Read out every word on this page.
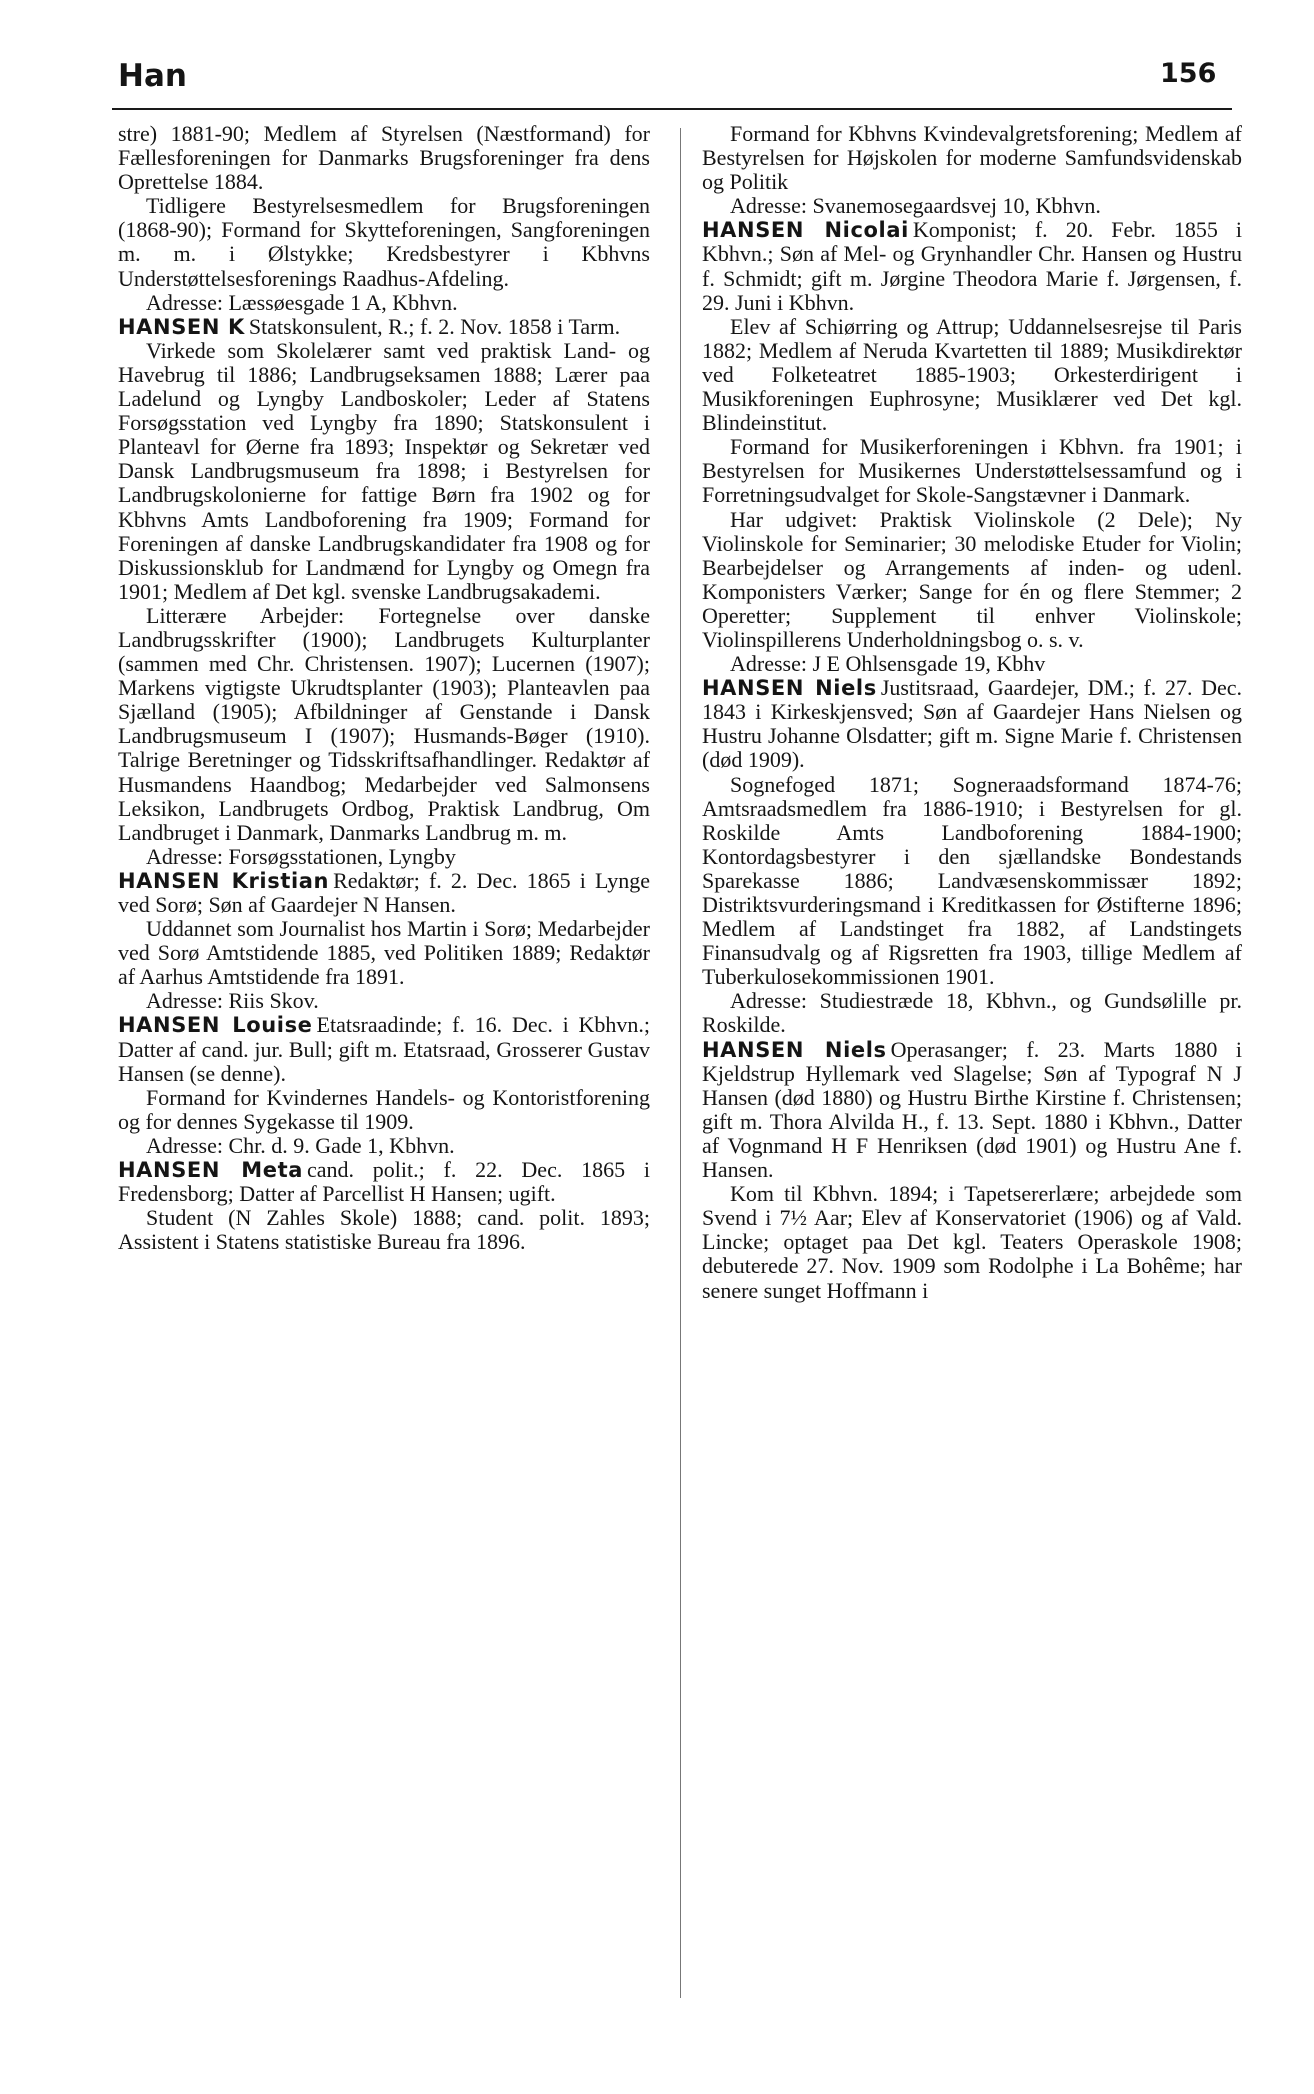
Han	156

stre) 1881-90; Medlem af Styrelsen (Næstformand) for Fællesforeningen for Danmarks Brugsforeninger fra dens Oprettelse 1884.

Tidligere Bestyrelsesmedlem for Brugsforeningen (1868-90); Formand for Skytteforeningen, Sangforeningen m. m. i Ølstykke; Kredsbestyrer i Kbhvns Understøttelsesforenings Raadhus-Afdeling.

Adresse: Læssøesgade 1 A, Kbhvn.

HANSEN K Statskonsulent, R.; f. 2. Nov. 1858 i Tarm.

Virkede som Skolelærer samt ved praktisk Land- og Havebrug til 1886; Landbrugseksamen 1888; Lærer paa Ladelund og Lyngby Landboskoler; Leder af Statens Forsøgsstation ved Lyngby fra 1890; Statskonsulent i Planteavl for Øerne fra 1893; Inspektør og Sekretær ved Dansk Landbrugsmuseum fra 1898; i Bestyrelsen for Landbrugskolonierne for fattige Børn fra 1902 og for Kbhvns Amts Landboforening fra 1909; Formand for Foreningen af danske Landbrugskandidater fra 1908 og for Diskussionsklub for Landmænd for Lyngby og Omegn fra 1901; Medlem af Det kgl. svenske Landbrugsakademi.

Litterære Arbejder: Fortegnelse over danske Landbrugsskrifter (1900); Landbrugets Kulturplanter (sammen med Chr. Christensen. 1907); Lucernen (1907); Markens vigtigste Ukrudtsplanter (1903); Planteavlen paa Sjælland (1905); Afbildninger af Genstande i Dansk Landbrugsmuseum I (1907); Husmands-Bøger (1910). Talrige Beretninger og Tidsskriftsafhandlinger. Redaktør af Husmandens Haandbog; Medarbejder ved Salmonsens Leksikon, Landbrugets Ordbog, Praktisk Landbrug, Om Landbruget i Danmark, Danmarks Landbrug m. m.

Adresse: Forsøgsstationen, Lyngby

HANSEN Kristian Redaktør; f. 2. Dec. 1865 i Lynge ved Sorø; Søn af Gaardejer N Hansen.

Uddannet som Journalist hos Martin i Sorø; Medarbejder ved Sorø Amtstidende 1885, ved Politiken 1889; Redaktør af Aarhus Amtstidende fra 1891.

Adresse: Riis Skov.

HANSEN Louise Etatsraadinde; f. 16. Dec. i Kbhvn.; Datter af cand. jur. Bull; gift m. Etatsraad, Grosserer Gustav Hansen (se denne).

Formand for Kvindernes Handels- og Kontoristforening og for dennes Sygekasse til 1909.

Adresse: Chr. d. 9. Gade 1, Kbhvn.

HANSEN Meta cand. polit.; f. 22. Dec. 1865 i Fredensborg; Datter af Parcellist H Hansen; ugift.

Student (N Zahles Skole) 1888; cand. polit. 1893; Assistent i Statens statistiske Bureau fra 1896.

Formand for Kbhvns Kvindevalgretsforening; Medlem af Bestyrelsen for Højskolen for moderne Samfundsvidenskab og Politik

Adresse: Svanemosegaardsvej 10, Kbhvn.

HANSEN Nicolai Komponist; f. 20. Febr. 1855 i Kbhvn.; Søn af Mel- og Grynhandler Chr. Hansen og Hustru f. Schmidt; gift m. Jørgine Theodora Marie f. Jørgensen, f. 29. Juni i Kbhvn.

Elev af Schiørring og Attrup; Uddannelsesrejse til Paris 1882; Medlem af Neruda Kvartetten til 1889; Musikdirektør ved Folketeatret 1885-1903; Orkesterdirigent i Musikforeningen Euphrosyne; Musiklærer ved Det kgl. Blindeinstitut.

Formand for Musikerforeningen i Kbhvn. fra 1901; i Bestyrelsen for Musikernes Understøttelsessamfund og i Forretningsudvalget for Skole-Sangstævner i Danmark.

Har udgivet: Praktisk Violinskole (2 Dele); Ny Violinskole for Seminarier; 30 melodiske Etuder for Violin; Bearbejdelser og Arrangements af inden- og udenl. Komponisters Værker; Sange for én og flere Stemmer; 2 Operetter; Supplement til enhver Violinskole; Violinspillerens Underholdningsbog o. s. v.

Adresse: J E Ohlsensgade 19, Kbhv

HANSEN Niels Justitsraad, Gaardejer, DM.; f. 27. Dec. 1843 i Kirkeskjensved; Søn af Gaardejer Hans Nielsen og Hustru Johanne Olsdatter; gift m. Signe Marie f. Christensen (død 1909).

Sognefoged 1871; Sogneraadsformand 1874-76; Amtsraadsmedlem fra 1886-1910; i Bestyrelsen for gl. Roskilde Amts Landboforening 1884-1900; Kontordagsbestyrer i den sjællandske Bondestands Sparekasse 1886; Landvæsenskommissær 1892; Distriktsvurderingsmand i Kreditkassen for Østifterne 1896; Medlem af Landstinget fra 1882, af Landstingets Finansudvalg og af Rigsretten fra 1903, tillige Medlem af Tuberkulosekommissionen 1901.

Adresse: Studiestræde 18, Kbhvn., og Gundsølille pr. Roskilde.

HANSEN Niels Operasanger; f. 23. Marts 1880 i Kjeldstrup Hyllemark ved Slagelse; Søn af Typograf N J Hansen (død 1880) og Hustru Birthe Kirstine f. Christensen; gift m. Thora Alvilda H., f. 13. Sept. 1880 i Kbhvn., Datter af Vognmand H F Henriksen (død 1901) og Hustru Ane f. Hansen.

Kom til Kbhvn. 1894; i Tapetsererlære; arbejdede som Svend i 7½ Aar; Elev af Konservatoriet (1906) og af Vald. Lincke; optaget paa Det kgl. Teaters Operaskole 1908; debuterede 27. Nov. 1909 som Rodolphe i La Bohême; har senere sunget Hoffmann i
